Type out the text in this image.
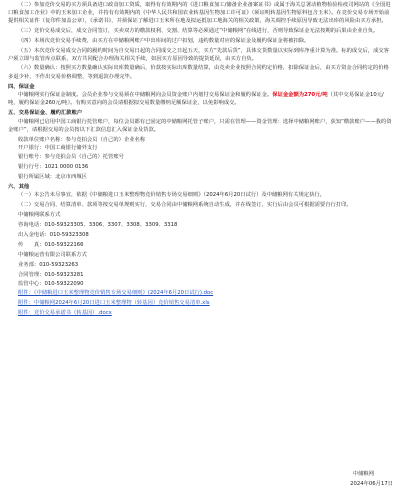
（二）参加竞价交易的买方须具备进口政食加工资质，取得有有效期内的《进口粮食加工/储备企业备案证书》或属于海关总署动植物检验检疫司网站的《全国进口粮食加工企业》中的玉米加工企业，并持有有效期内的《中华人民共和国农业转基因生物加工许可证》（须证明转基因生物原料包含玉米）。在竞价交易专场开始前提供相关证件（复印件加盖公章），《承诺书》，并须保证了解进口玉米所在地及拟运抵加工地海关的相关政策，海关调控手续原因导致无法出库的风险由买方承担。

（三）竞价交易成交后，成交合同签订，买卖双方的缴款权利、交割、结算等必须通过“中储粮网”在线进行，否则导致保证金无法按期的后果由企业自负。

（四）本场次竞价交易手续费，由买方在中储粮网账户中出库间的过户扣划，违约数量对应的保证金及履约保证金将被扣除。

（五）本次竞价交易成交合同的履约时间为自交易日起的合同成交之日起五天，买方“先款后货”，具体交货数量以实际到库净重计算为准。标的成交后，成交客户须立即与监管库点联系，双方共同配合办理海关相关手续，如因买方原因导致的提货延误，由买方自负。

（六）数量确认：按照买方数量确认实际出库数量确后，价款按实际出库数量结算，由竞卖企业按照合同约定价格，扣除保证金后，由买方资金合同约定的价格多退少补，不作出交易价格调整，等到退款办理完毕。

四、保证金

中储粮网实行保证金制度。会员企业参与交易须在中储粮网向会员资金账户内划付交易保证金和履约保证金。保证金金额为270元/吨（其中交易保证金10元/吨，履约保证金260元/吨）。有购买意向的会员请根据拟交易数量缴纳足额保证金，以免影响成交。

五、交易保证金、履约汇款账户

中储粮网已启用中国工商银行托管账户，每位会员都有已固定的中储粮网托管子账户，只需在管理——资金管理：选择中储粮网账户，获知“缴款账户——我的资金账户”，请根据交易的会员按以下汇款信息汇入保证金及货款。

收款单位账户名称：参与竞拍会员（自己的）企业名称

开户银行：中国工商银行储外支行

银行账号：参与竞拍会员（自己的）托管账号

银行行号：1021 0000 0136

银行所属区域：北京市西城区

六、其他

（一）本公告未尽事宜，依据《中储粮进口玉米整理物竞价销售专场交易细则》（2024年6月20日试行）及中储粮网有关规定执行。

（二）交易合同、结算清单、款项等按交易单规则实行，交易合同由中储粮网系统自动生成，并在线签订，实行后由会员可根据需要自行打印。

中储粮网联系方式

咨询电话：010-59323305、3306、3307、3308、3309、3318

出入金电话：010-59323308

传　　真：010-59322166

中储粮运营有限公司联系方式

业务部：010-59323263

合同管理：010-59323281

监管中心：010-59322090

附件：《中储粮进口玉米整理物竞价销售专场交易细则》(2024年6月20日试行).doc
附件：中储粮网2024年6月20日进口玉米整理物（转基因）竞价销售交易清单.xls
附件：竞价交易承诺书（转基因）.docx
中储粮网
2024年06月17日
